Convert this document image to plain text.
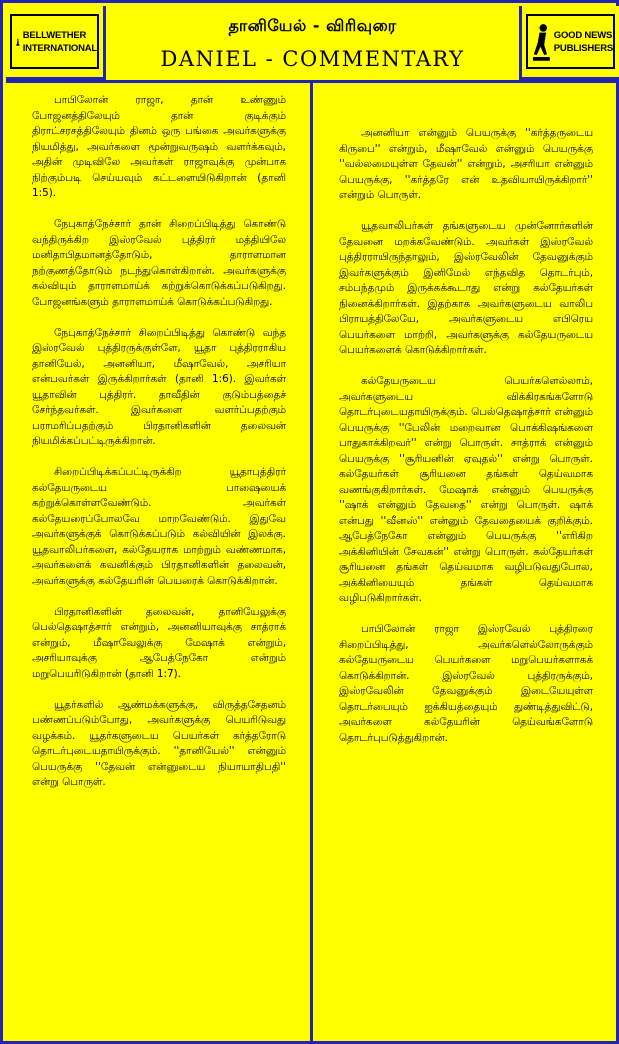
BELLWETHER
INTERNATIONAL
தானியேல் - விரிவுரை
DANIEL - COMMENTARY
GOOD NEWS
PUBLISHERS

பாபிலோன் ராஜா, தான் உண்ணும் போஜனத்திலேயும் தான் குடிக்கும் திராட்சரசத்திலேயும் தினம் ஒரு பங்கை அவர்களுக்கு நியமித்து, அவர்களை மூன்றுவருஷம் வளர்க்கவும், அதின் முடிவிலே அவர்கள் ராஜாவுக்கு முன்பாக நிற்கும்படி செய்யவும் கட்டளையிடுகிறான் (தானி 1:5).

நேபுகாத்நேச்சார் தான் சிறைப்பிடித்து கொண்டு வந்திருக்கிற இஸ்ரவேல் புத்திரர் மத்தியிலே மனிதாபிதமானத்தோடும், தாராளமான நற்குணத்தோடும் நடந்துகொள்கிறான். அவர்களுக்கு கல்வியும் தாராளமாய்க் கற்றுக்கொடுக்கப்படுகிறது. போஜனங்களும் தாராளமாய்க் கொடுக்கப்படுகிறது.

நேபுகாத்நேச்சார் சிறைப்பிடித்து கொண்டு வந்த இஸ்ரவேல் புத்திரருக்குள்ளே, யூதா புத்திரராகிய தானியேல், அனனியா, மீஷாவேல், அசரியா என்பவர்கள் இருக்கிறார்கள் (தானி 1:6). இவர்கள் யூதாவின் புத்திரர். தாவீதின் குடும்பத்தைச் சேர்ந்தவர்கள். இவர்களை வளர்ப்பதற்கும் பராமரிப்பதற்கும் பிரதானிகளின் தலைவன் நியமிக்கப்பட்டிருக்கிறான்.

சிறைப்பிடிக்கப்பட்டிருக்கிற யூதாபுத்திரர் கல்தேயருடைய பாஷையைக் கற்றுக்கொள்ளவேண்டும். அவர்கள் கல்தேயரைப்போலவே மாறவேண்டும். இதுவே அவர்களுக்குக் கொடுக்கப்படும் கல்வியின் இலக்கு. யூதவாலிபர்களை, கல்தேயராக மாற்றும் வண்ணமாக, அவர்களைக் கவனிக்கும் பிரதானிகளின் தலைவன், அவர்களுக்கு கல்தேயரின் பெயரைக் கொடுக்கிறான்.

பிரதானிகளின் தலைவன், தானியேலுக்கு பெல்தெஷாத்சார் என்றும், அனனியாவுக்கு சாத்ராக் என்றும், மீஷாவேலுக்கு மேஷாக் என்றும், அசரியாவுக்கு ஆபேத்நேகோ என்றும் மறுபெயரிடுகிறான் (தானி 1:7).

யூதர்களில் ஆண்மக்களுக்கு, விருத்தசேதனம் பண்ணப்படும்போது, அவர்களுக்கு பெயரிடுவது வழக்கம். யூதர்களுடைய பெயர்கள் கர்த்தரோடு தொடர்புடையதாயிருக்கும். ''தானியேல்'' என்னும் பெயருக்கு ''தேவன் என்னுடைய நியாயாதிபதி'' என்று பொருள்.

அனனியா என்னும் பெயருக்கு ''கர்த்தருடைய கிருபை'' என்றும், மீஷாவேல் என்னும் பெயருக்கு ''வல்லமையுள்ள தேவன்'' என்றும், அசரியா என்னும் பெயருக்கு, ''கர்த்தரே என் உதவியாயிருக்கிறார்'' என்றும் பொருள்.

யூதவாலிபர்கள் தங்களுடைய முன்னோர்களின் தேவனை மறக்கவேண்டும். அவர்கள் இஸ்ரவேல் புத்திரராயிருந்தாலும், இஸ்ரவேலின் தேவனுக்கும் இவர்களுக்கும் இனிமேல் எந்தவித தொடர்பும், சம்பந்தமும் இருக்கக்கூடாது என்று கல்தேயர்கள் நினைக்கிறார்கள். இதற்காக அவர்களுடைய வாலிப பிராயத்திலேயே, அவர்களுடைய எபிரெய பெயர்களை மாற்றி, அவர்களுக்கு கல்தேயருடைய பெயர்களைக் கொடுக்கிறார்கள்.

கல்தேயருடைய பெயர்களெல்லாம், அவர்களுடைய விக்கிரகங்களோடு தொடர்புடையதாயிருக்கும். பெல்தெஷாத்சார் என்னும் பெயருக்கு ''பேலின் மறைவான பொக்கிஷங்களை பாதுகாக்கிறவர்'' என்று பொருள். சாத்ராக் என்னும் பெயருக்கு ''சூரியனின் ஏவுதல்'' என்று பொருள். கல்தேயர்கள் சூரியனை தங்கள் தெய்வமாக வணங்குகிறார்கள். மேஷாக் என்னும் பெயருக்கு ''ஷாக் என்னும் தேவதை'' என்று பொருள். ஷாக் என்பது ''வீனஸ்'' என்னும் தேவதையைக் குறிக்கும். ஆபேத்நேகோ என்னும் பெயருக்கு ''எரிகிற அக்கினியின் சேவகன்'' என்று பொருள். கல்தேயர்கள் சூரியனை தங்கள் தெய்வமாக வழிபடுவதுபோல, அக்கினியையும் தங்கள் தெய்வமாக வழிபடுகிறார்கள்.

பாபிலோன் ராஜா இஸ்ரவேல் புத்திரரை சிறைப்பிடித்து, அவர்களெல்லோருக்கும் கல்தேயருடைய பெயர்களை மறுபெயர்களாகக் கொடுக்கிறான். இஸ்ரவேல் புத்திரருக்கும், இஸ்ரவேலின் தேவனுக்கும் இடையேயுள்ள தொடர்பையும் ஐக்கியத்தையும் துண்டித்துவிட்டு, அவர்களை கல்தேயரின் தெய்வங்களோடு தொடர்புபடுத்துகிறான்.
